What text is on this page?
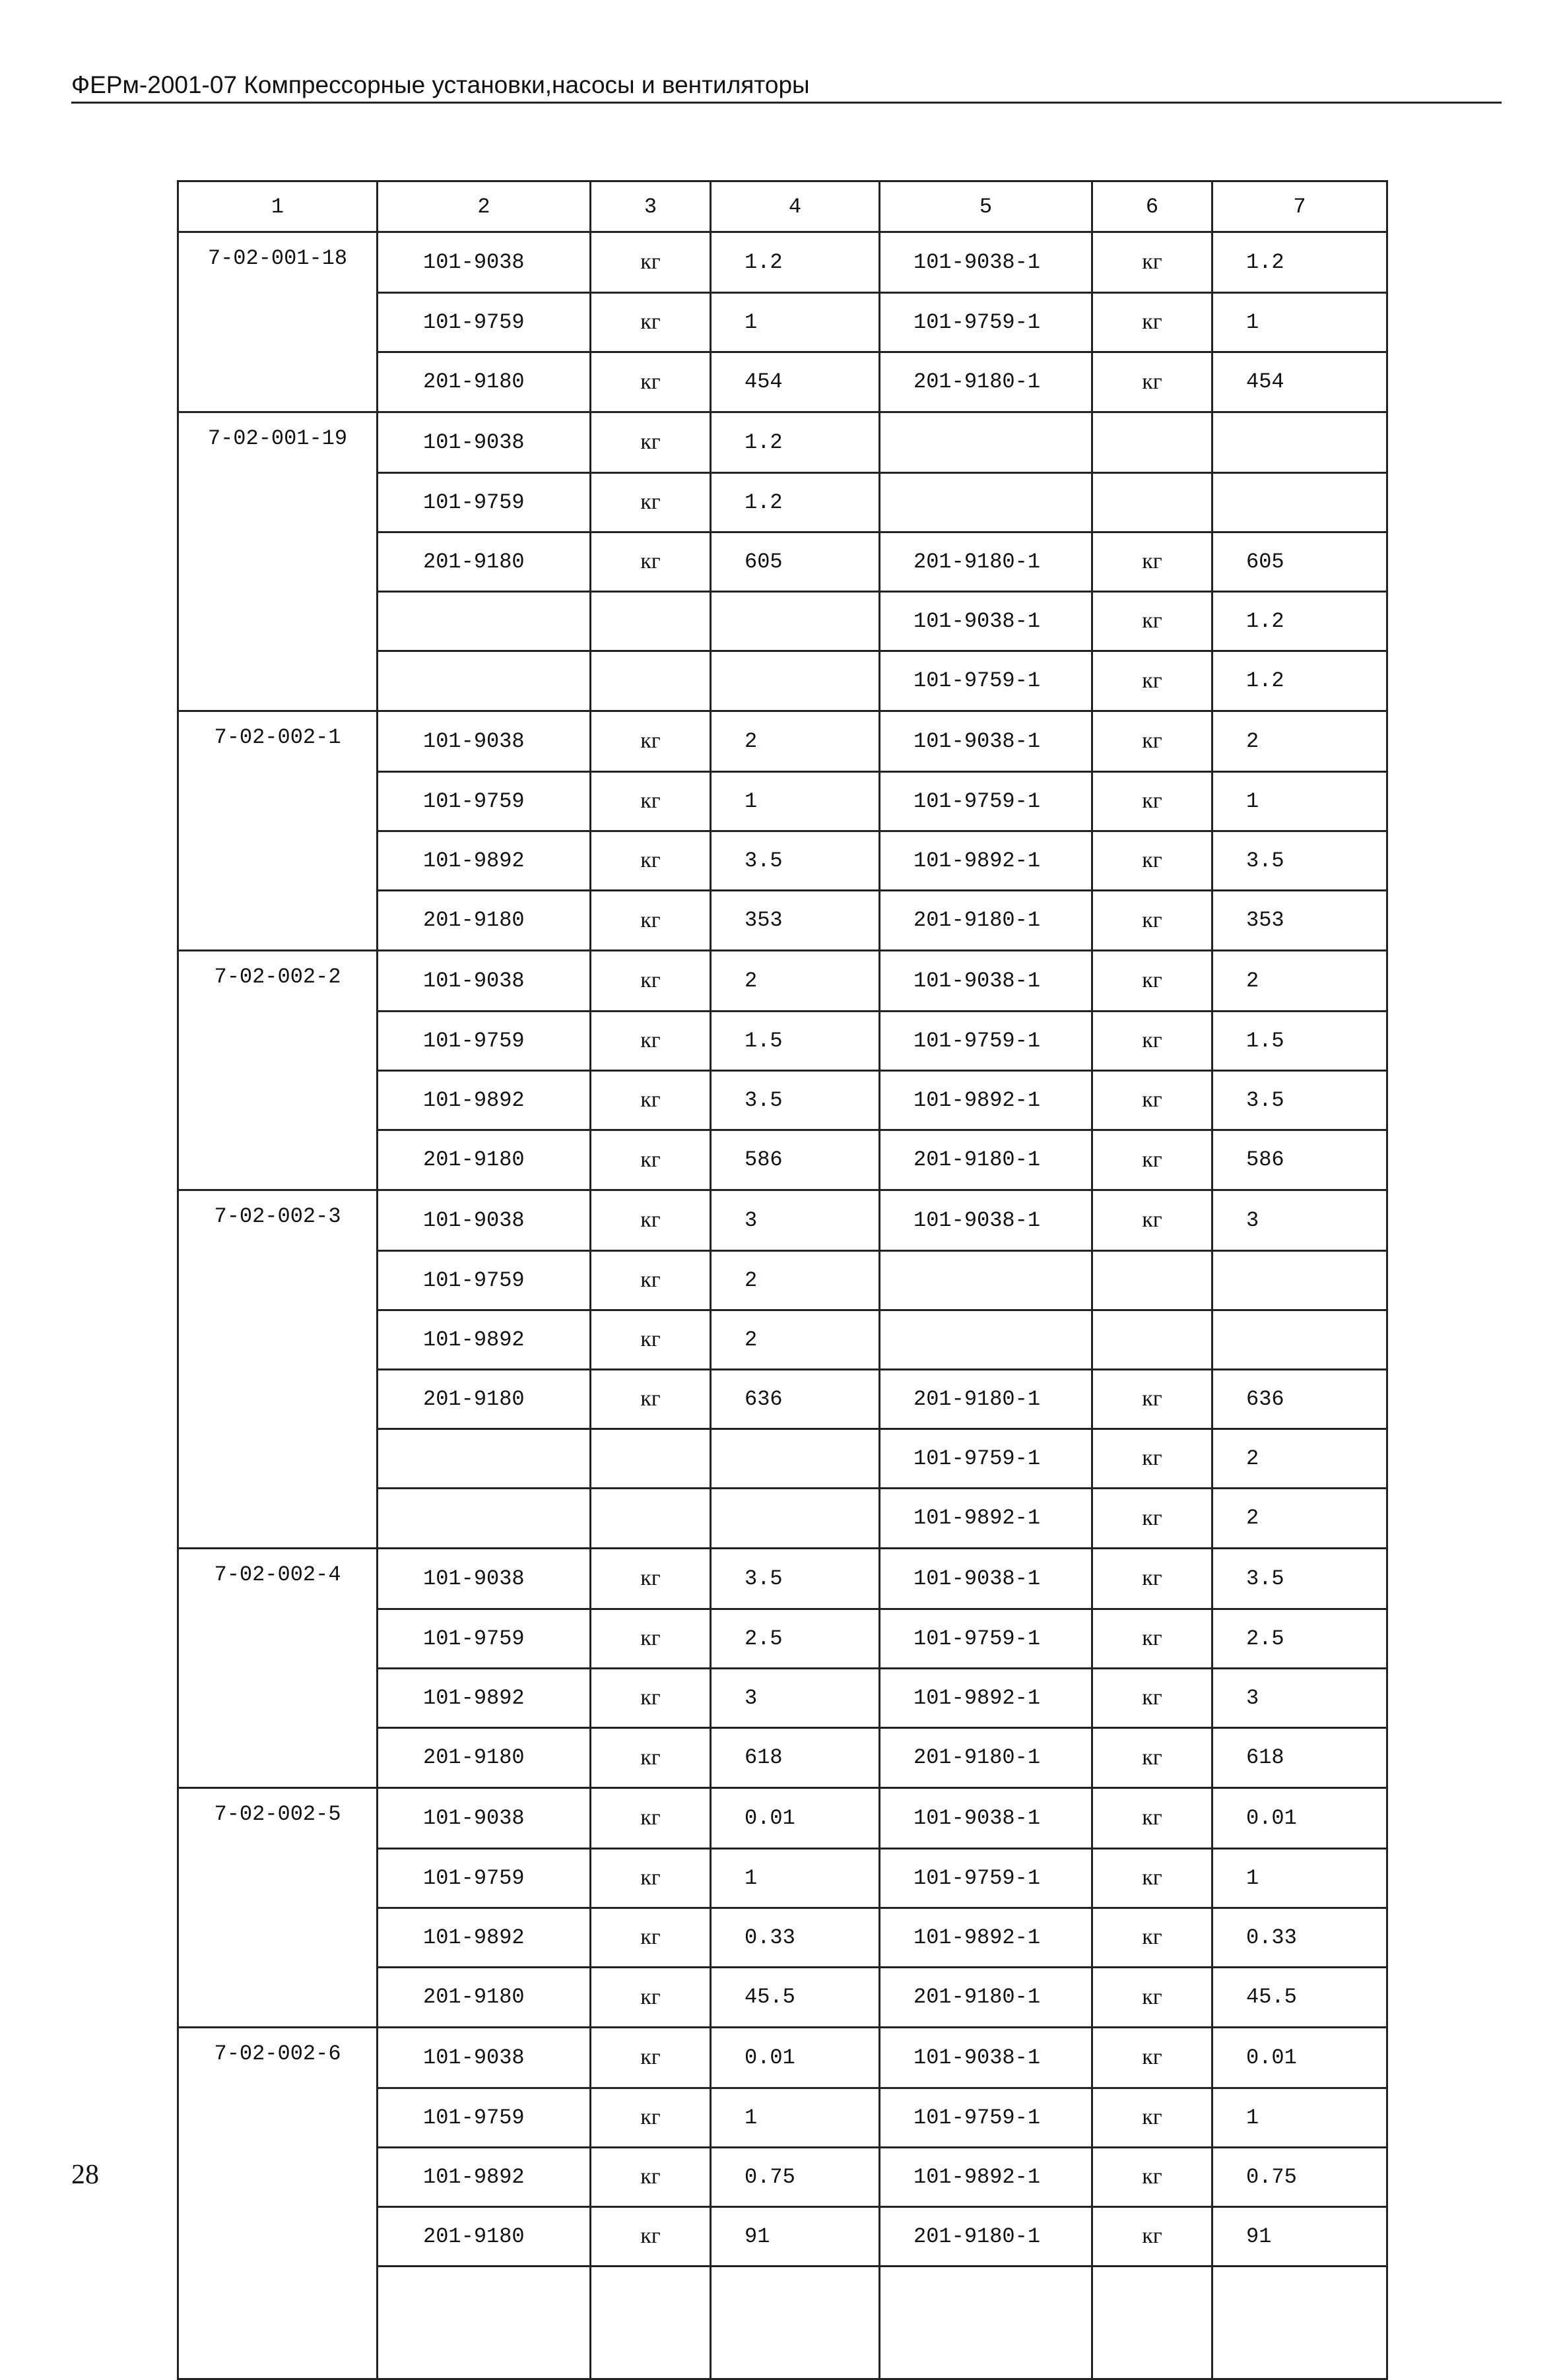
ФЕРм-2001-07 Компрессорные установки,насосы и вентиляторы
1	2	3	4	5	6	7
7-02-001-18	101-9038	кг	1.2	101-9038-1	кг	1.2
	101-9759	кг	1	101-9759-1	кг	1
	201-9180	кг	454	201-9180-1	кг	454
7-02-001-19	101-9038	кг	1.2			
	101-9759	кг	1.2			
	201-9180	кг	605	201-9180-1	кг	605
				101-9038-1	кг	1.2
				101-9759-1	кг	1.2
7-02-002-1	101-9038	кг	2	101-9038-1	кг	2
	101-9759	кг	1	101-9759-1	кг	1
	101-9892	кг	3.5	101-9892-1	кг	3.5
	201-9180	кг	353	201-9180-1	кг	353
7-02-002-2	101-9038	кг	2	101-9038-1	кг	2
	101-9759	кг	1.5	101-9759-1	кг	1.5
	101-9892	кг	3.5	101-9892-1	кг	3.5
	201-9180	кг	586	201-9180-1	кг	586
7-02-002-3	101-9038	кг	3	101-9038-1	кг	3
	101-9759	кг	2			
	101-9892	кг	2			
	201-9180	кг	636	201-9180-1	кг	636
				101-9759-1	кг	2
				101-9892-1	кг	2
7-02-002-4	101-9038	кг	3.5	101-9038-1	кг	3.5
	101-9759	кг	2.5	101-9759-1	кг	2.5
	101-9892	кг	3	101-9892-1	кг	3
	201-9180	кг	618	201-9180-1	кг	618
7-02-002-5	101-9038	кг	0.01	101-9038-1	кг	0.01
	101-9759	кг	1	101-9759-1	кг	1
	101-9892	кг	0.33	101-9892-1	кг	0.33
	201-9180	кг	45.5	201-9180-1	кг	45.5
7-02-002-6	101-9038	кг	0.01	101-9038-1	кг	0.01
	101-9759	кг	1	101-9759-1	кг	1
	101-9892	кг	0.75	101-9892-1	кг	0.75
	201-9180	кг	91	201-9180-1	кг	91

28
